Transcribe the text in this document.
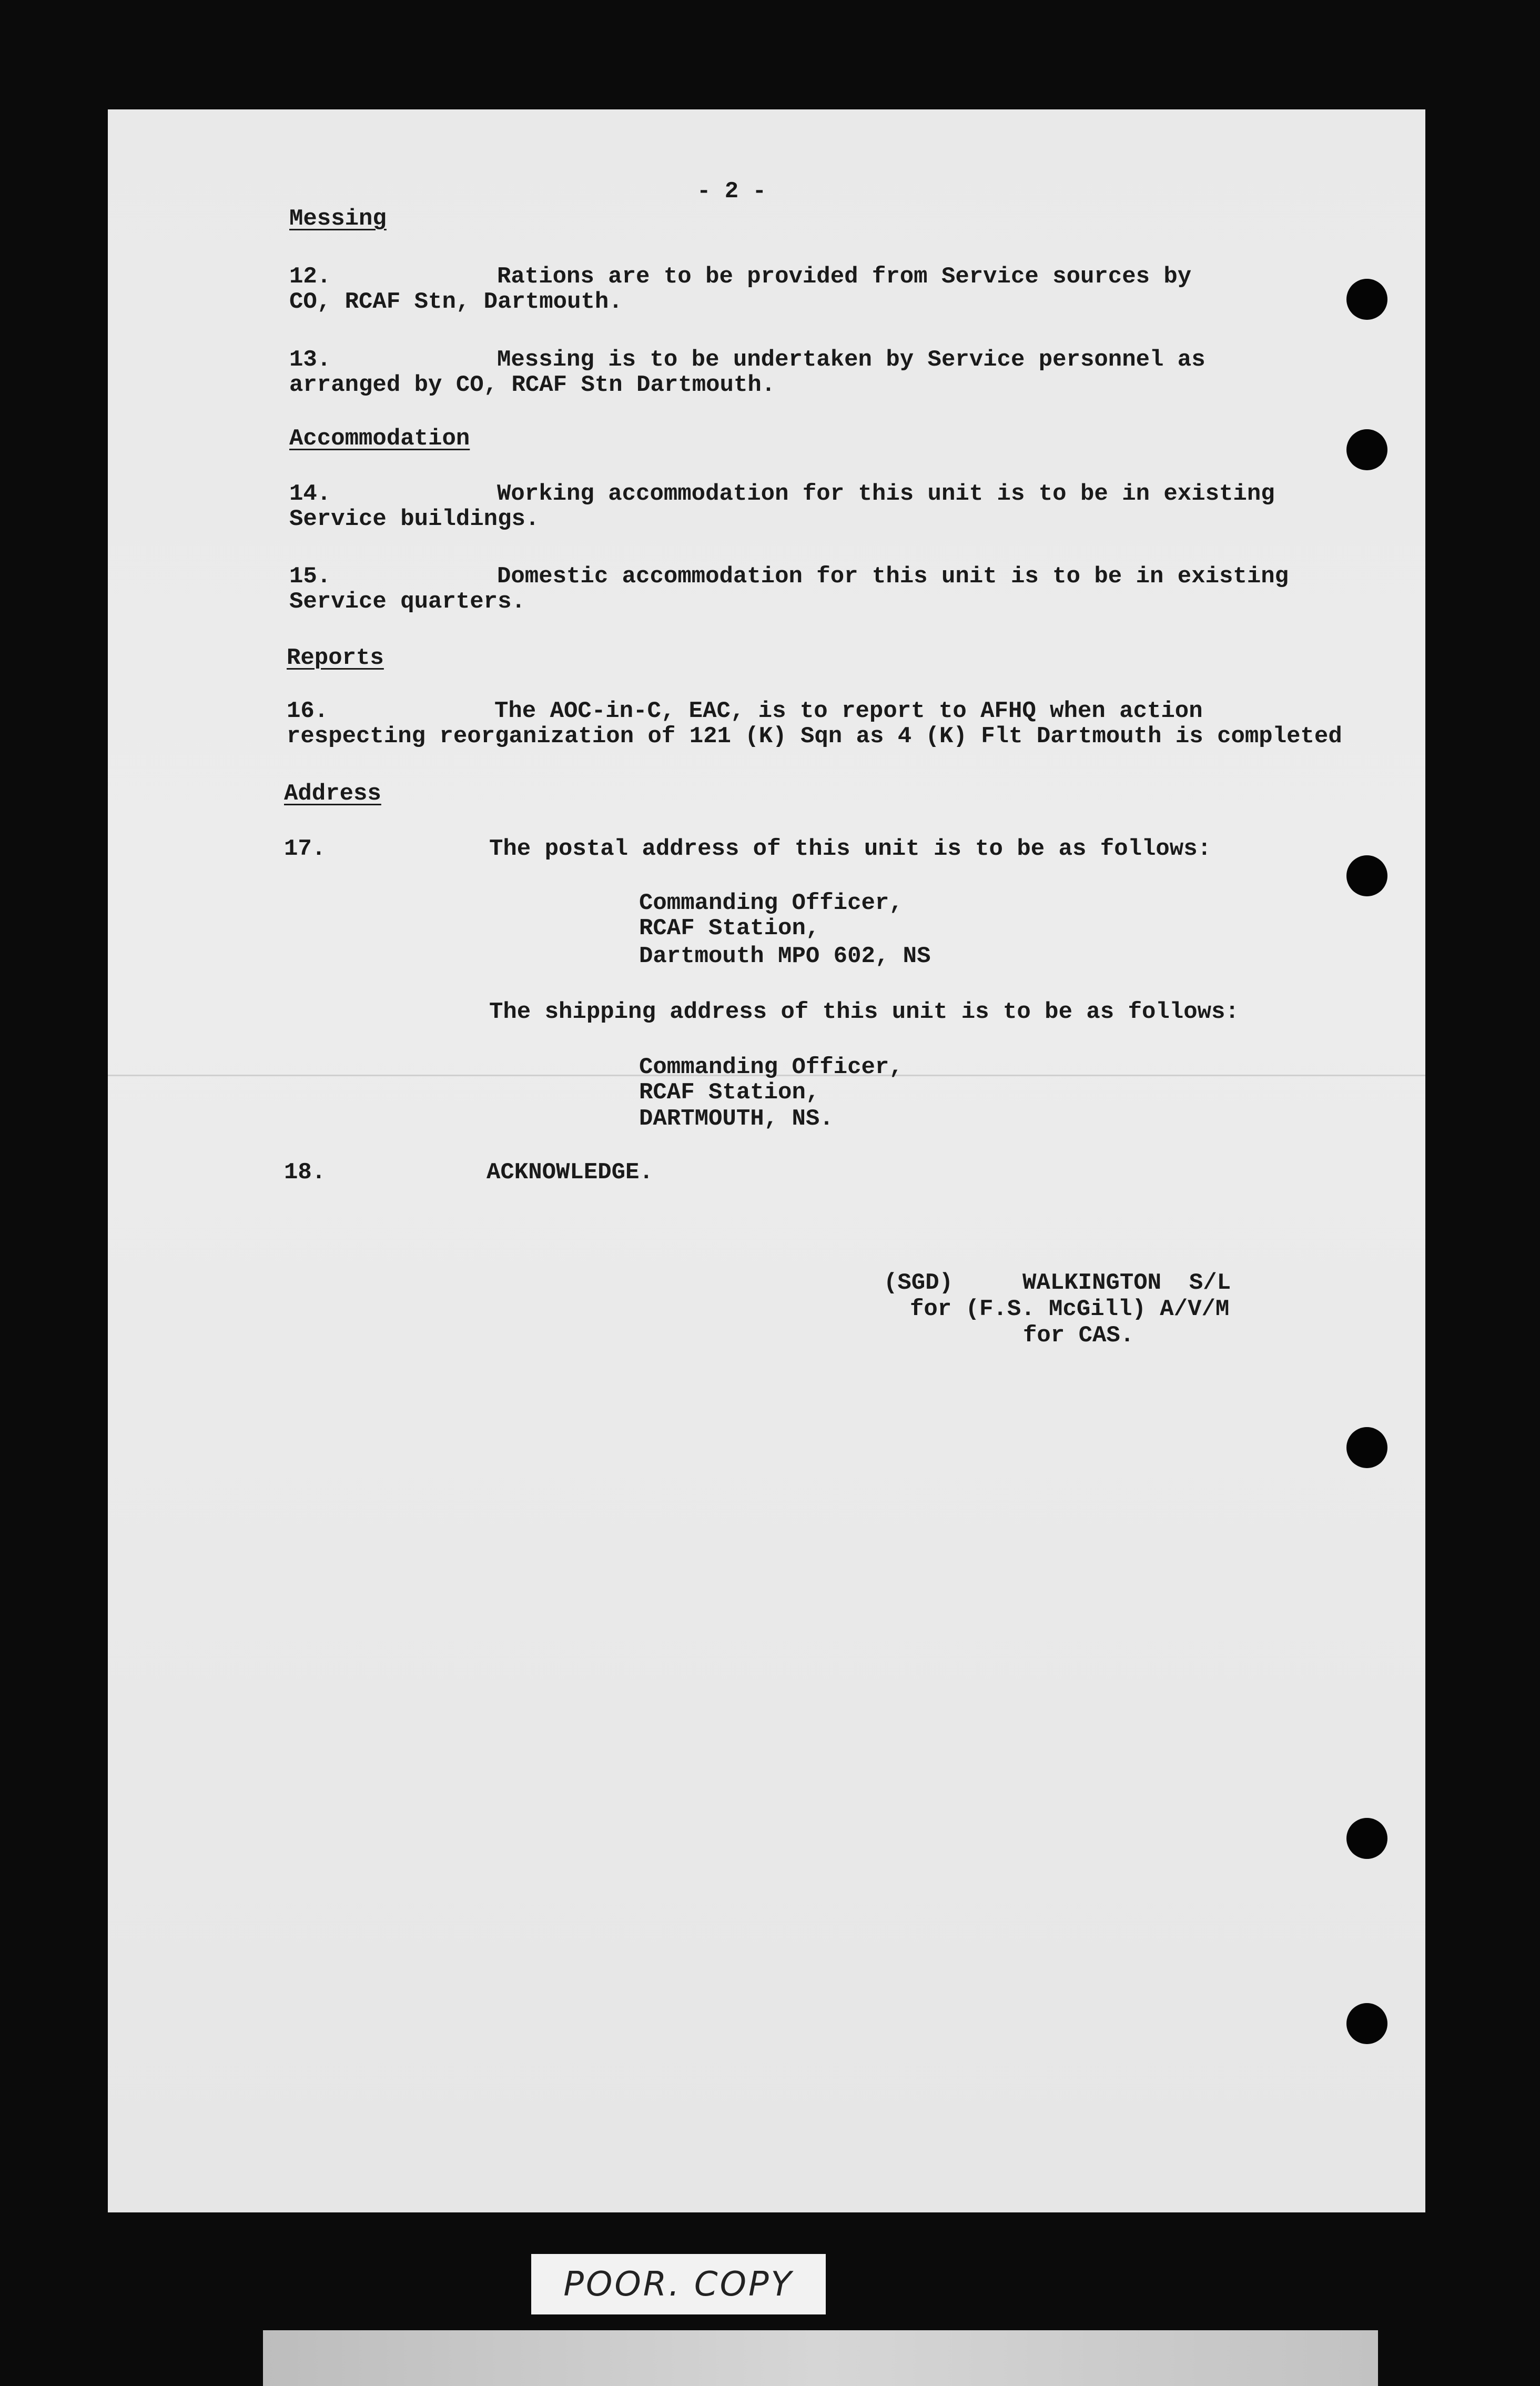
- 2 -
Messing
12.	Rations are to be provided from Service sources by
CO, RCAF Stn, Dartmouth.
13.	Messing is to be undertaken by Service personnel as
arranged by CO, RCAF Stn Dartmouth.
Accommodation
14.	Working accommodation for this unit is to be in existing
Service buildings.
15.	Domestic accommodation for this unit is to be in existing
Service quarters.
Reports
16.	The AOC-in-C, EAC, is to report to AFHQ when action
respecting reorganization of 121 (K) Sqn as 4 (K) Flt Dartmouth is completed
Address
17.	The postal address of this unit is to be as follows:
Commanding Officer,
RCAF Station,
Dartmouth MPO 602, NS
The shipping address of this unit is to be as follows:
Commanding Officer,
RCAF Station,
DARTMOUTH, NS.
18.	ACKNOWLEDGE.
(SGD)     WALKINGTON  S/L
for (F.S. McGill) A/V/M
for CAS.
POOR. COPY
